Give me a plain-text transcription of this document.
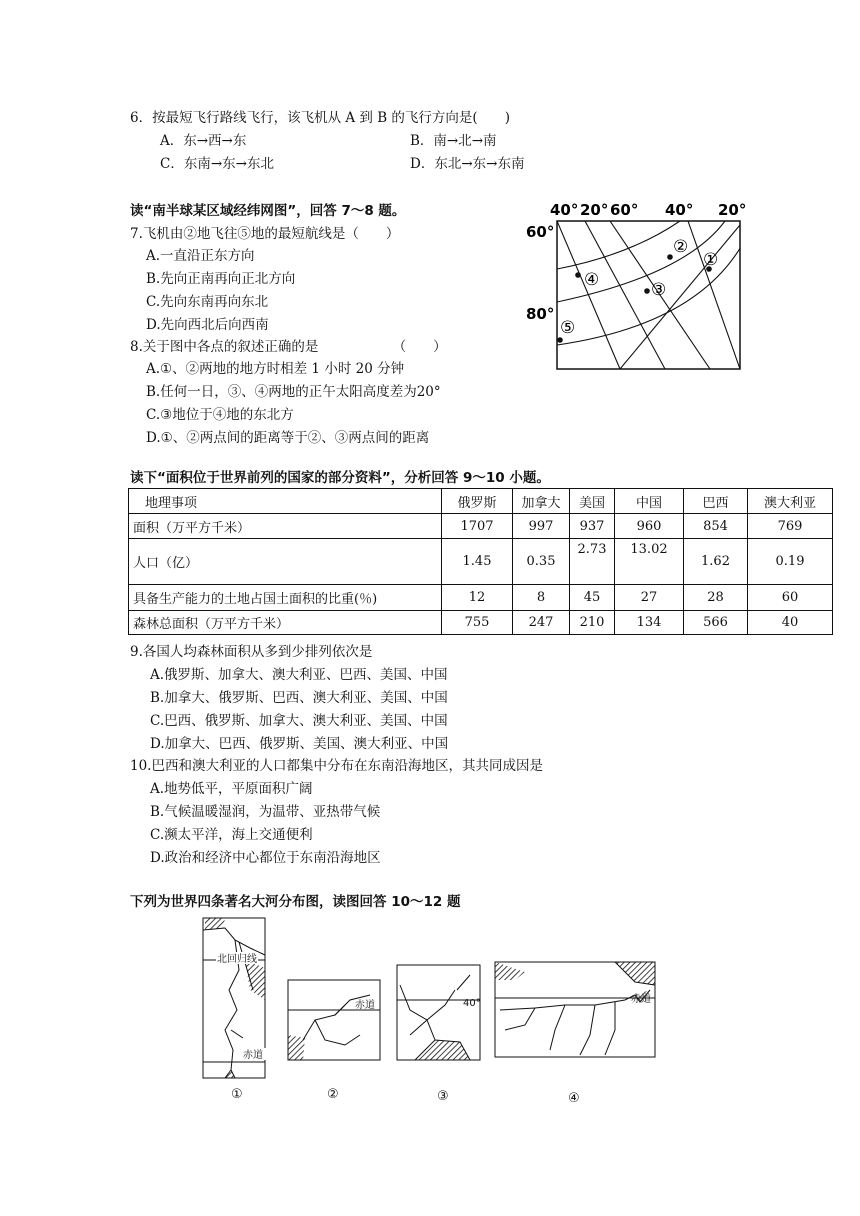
6．按最短飞行路线飞行，该飞机从 A 到 B 的飞行方向是(　　)
A．东→西→东	B．南→北→南
C．东南→东→东北	D．东北→东→东南
读“南半球某区域经纬网图”，回答 7～8 题。
7.飞机由②地飞往⑤地的最短航线是（　　）
A.一直沿正东方向
B.先向正南再向正北方向
C.先向东南再向东北
D.先向西北后向西南
8.关于图中各点的叙述正确的是　　　　　　（　　）
A.①、②两地的地方时相差 1 小时 20 分钟
B.任何一日，③、④两地的正午太阳高度差为20°
C.③地位于④地的东北方
D.①、②两点间的距离等于②、③两点间的距离
40° 20° 60° 40° 20°
60°
80°
①
②
③
④
⑤
读下“面积位于世界前列的国家的部分资料”，分析回答 9～10 小题。
地理事项	俄罗斯	加拿大	美国	中国	巴西	澳大利亚
面积（万平方千米）	1707	997	937	960	854	769
人口（亿）	1.45	0.35	2.73	13.02	1.62	0.19
具备生产能力的土地占国土面积的比重(％)	12	8	45	27	28	60
森林总面积（万平方千米）	755	247	210	134	566	40
9.各国人均森林面积从多到少排列依次是
A.俄罗斯、加拿大、澳大利亚、巴西、美国、中国
B.加拿大、俄罗斯、巴西、澳大利亚、美国、中国
C.巴西、俄罗斯、加拿大、澳大利亚、美国、中国
D.加拿大、巴西、俄罗斯、美国、澳大利亚、中国
10.巴西和澳大利亚的人口都集中分布在东南沿海地区，其共同成因是
A.地势低平，平原面积广阔
B.气候温暖湿润，为温带、亚热带气候
C.濒太平洋，海上交通便利
D.政治和经济中心都位于东南沿海地区
下列为世界四条著名大河分布图，读图回答 10～12 题
北回归线
赤道
赤道	40°	赤道
①	②	③	④
